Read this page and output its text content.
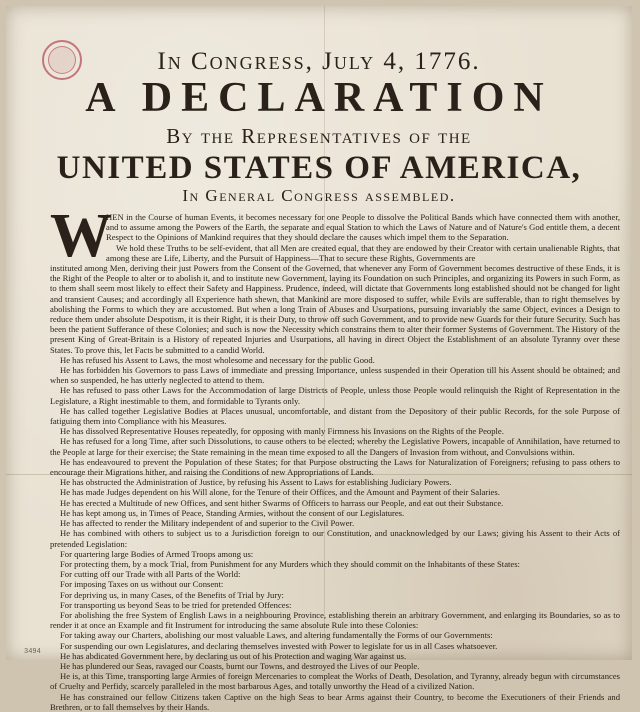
In Congress, July 4, 1776.
A DECLARATION
By the Representatives of the
UNITED STATES OF AMERICA,
In General Congress assembled.
W

HEN in the Course of human Events, it becomes necessary for one People to dissolve the Political Bands which have connected them with another, and to assume among the Powers of the Earth, the separate and equal Station to which the Laws of Nature and of Nature's God entitle them, a decent Respect to the Opinions of Mankind requires that they should declare the causes which impel them to the Separation.

We hold these Truths to be self-evident, that all Men are created equal, that they are endowed by their Creator with certain unalienable Rights, that among these are Life, Liberty, and the Pursuit of Happiness—That to secure these Rights, Governments are

instituted among Men, deriving their just Powers from the Consent of the Governed, that whenever any Form of Government becomes destructive of these Ends, it is the Right of the People to alter or to abolish it, and to institute new Government, laying its Foundation on such Principles, and organizing its Powers in such Form, as to them shall seem most likely to effect their Safety and Happiness. Prudence, indeed, will dictate that Governments long established should not be changed for light and transient Causes; and accordingly all Experience hath shewn, that Mankind are more disposed to suffer, while Evils are sufferable, than to right themselves by abolishing the Forms to which they are accustomed. But when a long Train of Abuses and Usurpations, pursuing invariably the same Object, evinces a Design to reduce them under absolute Despotism, it is their Right, it is their Duty, to throw off such Government, and to provide new Guards for their future Security. Such has been the patient Sufferance of these Colonies; and such is now the Necessity which constrains them to alter their former Systems of Government. The History of the present King of Great-Britain is a History of repeated Injuries and Usurpations, all having in direct Object the Establishment of an absolute Tyranny over these States. To prove this, let Facts be submitted to a candid World.

He has refused his Assent to Laws, the most wholesome and necessary for the public Good.

He has forbidden his Governors to pass Laws of immediate and pressing Importance, unless suspended in their Operation till his Assent should be obtained; and when so suspended, he has utterly neglected to attend to them.

He has refused to pass other Laws for the Accommodation of large Districts of People, unless those People would relinquish the Right of Representation in the Legislature, a Right inestimable to them, and formidable to Tyrants only.

He has called together Legislative Bodies at Places unusual, uncomfortable, and distant from the Depository of their public Records, for the sole Purpose of fatiguing them into Compliance with his Measures.

He has dissolved Representative Houses repeatedly, for opposing with manly Firmness his Invasions on the Rights of the People.

He has refused for a long Time, after such Dissolutions, to cause others to be elected; whereby the Legislative Powers, incapable of Annihilation, have returned to the People at large for their exercise; the State remaining in the mean time exposed to all the Dangers of Invasion from without, and Convulsions within.

He has endeavoured to prevent the Population of these States; for that Purpose obstructing the Laws for Naturalization of Foreigners; refusing to pass others to encourage their Migrations hither, and raising the Conditions of new Appropriations of Lands.

He has obstructed the Administration of Justice, by refusing his Assent to Laws for establishing Judiciary Powers.

He has made Judges dependent on his Will alone, for the Tenure of their Offices, and the Amount and Payment of their Salaries.

He has erected a Multitude of new Offices, and sent hither Swarms of Officers to harrass our People, and eat out their Substance.

He has kept among us, in Times of Peace, Standing Armies, without the consent of our Legislatures.

He has affected to render the Military independent of and superior to the Civil Power.

He has combined with others to subject us to a Jurisdiction foreign to our Constitution, and unacknowledged by our Laws; giving his Assent to their Acts of pretended Legislation:

For quartering large Bodies of Armed Troops among us:

For protecting them, by a mock Trial, from Punishment for any Murders which they should commit on the Inhabitants of these States:

For cutting off our Trade with all Parts of the World:

For imposing Taxes on us without our Consent:

For depriving us, in many Cases, of the Benefits of Trial by Jury:

For transporting us beyond Seas to be tried for pretended Offences:

For abolishing the free System of English Laws in a neighbouring Province, establishing therein an arbitrary Government, and enlarging its Boundaries, so as to render it at once an Example and fit Instrument for introducing the same absolute Rule into these Colonies:

For taking away our Charters, abolishing our most valuable Laws, and altering fundamentally the Forms of our Governments:

For suspending our own Legislatures, and declaring themselves invested with Power to legislate for us in all Cases whatsoever.

He has abdicated Government here, by declaring us out of his Protection and waging War against us.

He has plundered our Seas, ravaged our Coasts, burnt our Towns, and destroyed the Lives of our People.

He is, at this Time, transporting large Armies of foreign Mercenaries to compleat the Works of Death, Desolation, and Tyranny, already begun with circumstances of Cruelty and Perfidy, scarcely paralleled in the most barbarous Ages, and totally unworthy the Head of a civilized Nation.

He has constrained our fellow Citizens taken Captive on the high Seas to bear Arms against their Country, to become the Executioners of their Friends and Brethren, or to fall themselves by their Hands.

3494
